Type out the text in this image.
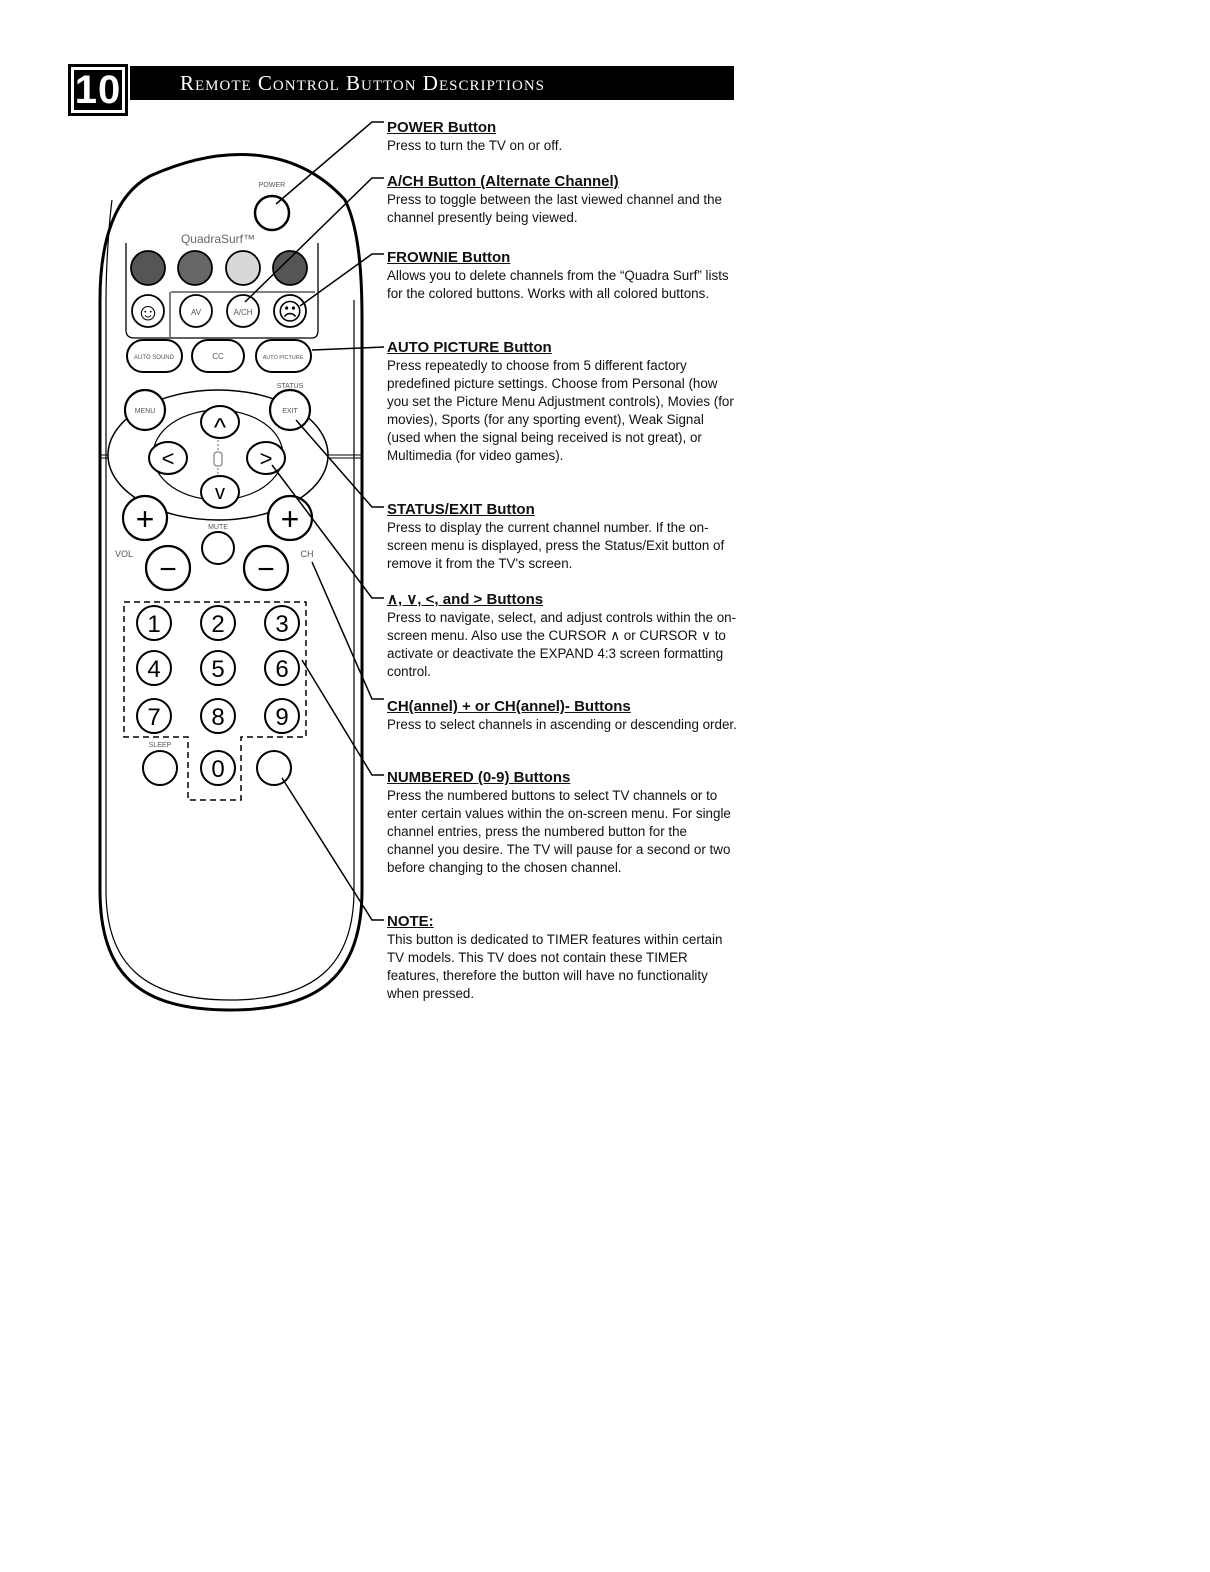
10	Remote Control Button Descriptions
POWER
QuadraSurf™
☺	AV	A/CH ☹
AUTO SOUND	CC	AUTO PICTURE
STATUS
MENU	EXIT
^
<	>
v
+
−
VOL
MUTE +
−	CH
1 2 3
4 5 6
7 8 9
0
SLEEP
POWER Button
Press to turn the TV on or off.
A/CH Button (Alternate Channel)
Press to toggle between the last viewed channel and the channel presently being viewed.
FROWNIE Button
Allows you to delete channels from the “Quadra Surf” lists for the colored buttons. Works with all colored buttons.
AUTO PICTURE Button
Press repeatedly to choose from 5 different factory predefined picture settings. Choose from Personal (how you set the Picture Menu Adjustment controls), Movies (for movies), Sports (for any sporting event), Weak Signal (used when the signal being received is not great), or Multimedia (for video games).
STATUS/EXIT Button
Press to display the current channel number. If the on-screen menu is displayed, press the Status/Exit button of remove it from the TV's screen.
∧, ∨, <, and > Buttons
Press to navigate, select, and adjust controls within the on-screen menu. Also use the CURSOR ∧ or CURSOR ∨ to activate or deactivate the EXPAND 4:3 screen formatting control.
CH(annel) + or CH(annel)- Buttons
Press to select channels in ascending or descending order.
NUMBERED (0-9) Buttons
Press the numbered buttons to select TV channels or to enter certain values within the on-screen menu. For single channel entries, press the numbered button for the channel you desire. The TV will pause for a second or two before changing to the chosen channel.
NOTE:
This button is dedicated to TIMER features within certain TV models. This TV does not contain these TIMER features, therefore the button will have no functionality when pressed.
